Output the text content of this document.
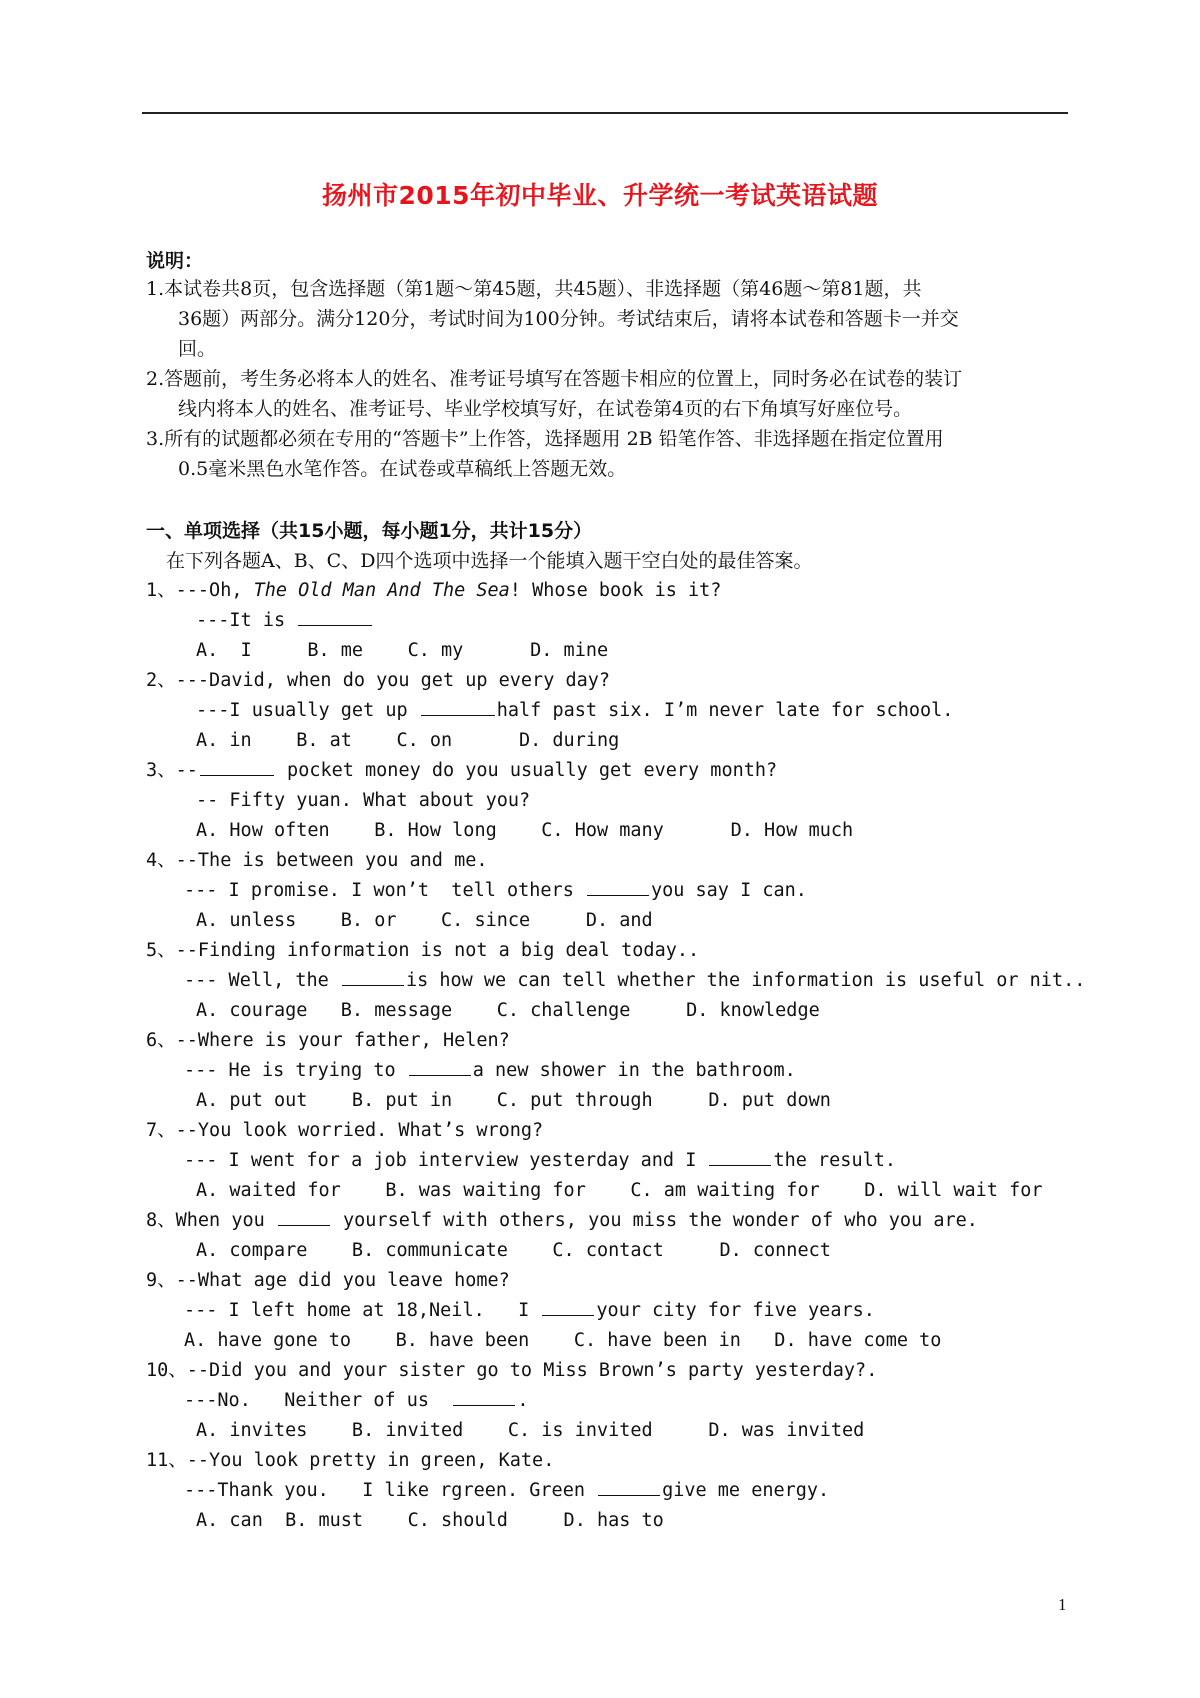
扬州市2015年初中毕业、升学统一考试英语试题
说明：
1.本试卷共8页，包含选择题（第1题～第45题，共45题）、非选择题（第46题～第81题，共
36题）两部分。满分120分，考试时间为100分钟。考试结束后，请将本试卷和答题卡一并交
回。
2.答题前，考生务必将本人的姓名、准考证号填写在答题卡相应的位置上，同时务必在试卷的装订
线内将本人的姓名、准考证号、毕业学校填写好，在试卷第4页的右下角填写好座位号。
3.所有的试题都必须在专用的“答题卡”上作答，选择题用 2B 铅笔作答、非选择题在指定位置用
0.5毫米黑色水笔作答。在试卷或草稿纸上答题无效。
一、单项选择（共15小题，每小题1分，共计15分）
在下列各题A、B、C、D四个选项中选择一个能填入题干空白处的最佳答案。
1、---Oh, The Old Man And The Sea! Whose book is it?
---It is
A.  I     B. me    C. my      D. mine
2、---David, when do you get up every day?
---I usually get up	half past six. I’m never late for school.
A. in    B. at    C. on      D. during
3、--	pocket money do you usually get every month?
-- Fifty yuan. What about you?
A. How often    B. How long    C. How many      D. How much
4、--The is between you and me.
--- I promise. I won’t  tell others	you say I can.
A. unless    B. or    C. since     D. and
5、--Finding information is not a big deal today..
--- Well, the	is how we can tell whether the information is useful or nit..
A. courage   B. message    C. challenge     D. knowledge
6、--Where is your father, Helen?
--- He is trying to	a new shower in the bathroom.
A. put out    B. put in    C. put through     D. put down
7、--You look worried. What’s wrong?
--- I went for a job interview yesterday and I	the result.
A. waited for    B. was waiting for    C. am waiting for    D. will wait for
8、When you	yourself with others, you miss the wonder of who you are.
A. compare    B. communicate    C. contact     D. connect
9、--What age did you leave home?
--- I left home at 18,Neil.   I	your city for five years.
A. have gone to    B. have been    C. have been in   D. have come to
10、--Did you and your sister go to Miss Brown’s party yesterday?.
---No.   Neither of us	.
A. invites    B. invited    C. is invited     D. was invited
11、--You look pretty in green, Kate.
---Thank you.   I like rgreen. Green	give me energy.
A. can  B. must    C. should     D. has to
1
